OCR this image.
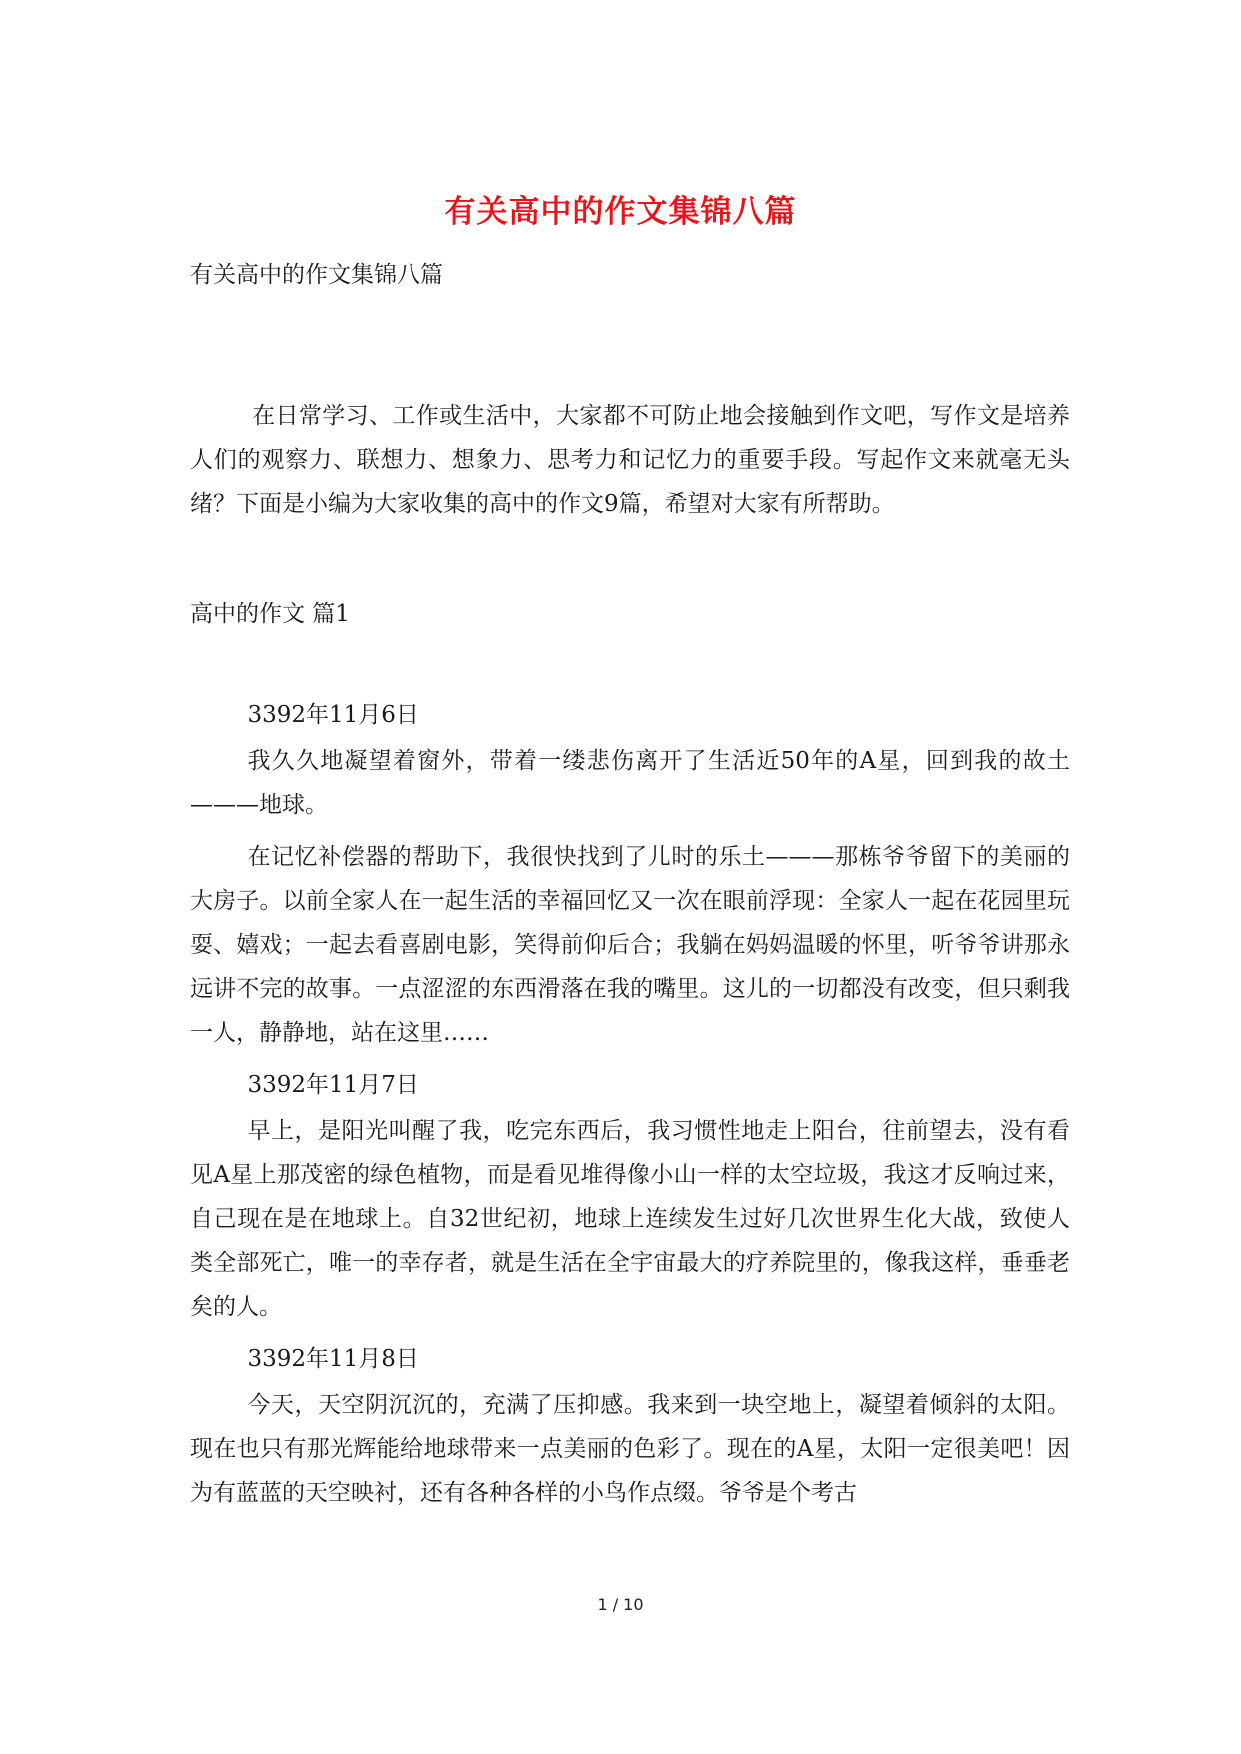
有关高中的作文集锦八篇

有关高中的作文集锦八篇

在日常学习、工作或生活中，大家都不可防止地会接触到作文吧，写作文是培养人们的观察力、联想力、想象力、思考力和记忆力的重要手段。写起作文来就毫无头绪？下面是小编为大家收集的高中的作文9篇，希望对大家有所帮助。

高中的作文 篇1

3392年11月6日

我久久地凝望着窗外，带着一缕悲伤离开了生活近50年的A星，回到我的故土———地球。

在记忆补偿器的帮助下，我很快找到了儿时的乐土———那栋爷爷留下的美丽的大房子。以前全家人在一起生活的幸福回忆又一次在眼前浮现：全家人一起在花园里玩耍、嬉戏；一起去看喜剧电影，笑得前仰后合；我躺在妈妈温暖的怀里，听爷爷讲那永远讲不完的故事。一点涩涩的东西滑落在我的嘴里。这儿的一切都没有改变，但只剩我一人，静静地，站在这里……

3392年11月7日

早上，是阳光叫醒了我，吃完东西后，我习惯性地走上阳台，往前望去，没有看见A星上那茂密的绿色植物，而是看见堆得像小山一样的太空垃圾，我这才反响过来，自己现在是在地球上。自32世纪初，地球上连续发生过好几次世界生化大战，致使人类全部死亡，唯一的幸存者，就是生活在全宇宙最大的疗养院里的，像我这样，垂垂老矣的人。

3392年11月8日

今天，天空阴沉沉的，充满了压抑感。我来到一块空地上，凝望着倾斜的太阳。现在也只有那光辉能给地球带来一点美丽的色彩了。现在的A星，太阳一定很美吧！因为有蓝蓝的天空映衬，还有各种各样的小鸟作点缀。爷爷是个考古

1 / 10
